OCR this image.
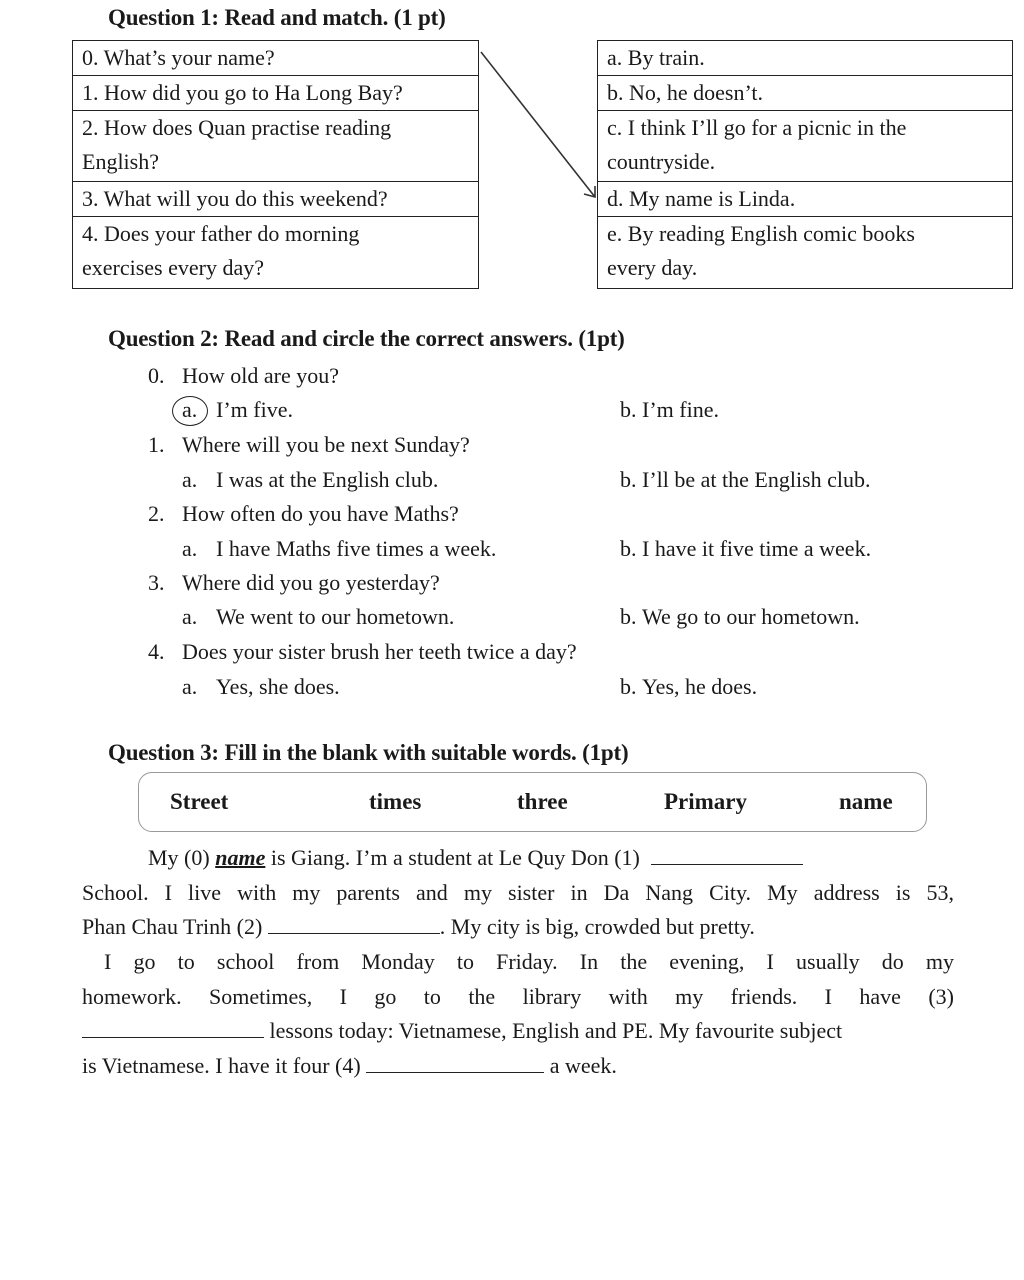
Question 1: Read and match. (1 pt)
0. What’s your name?
1. How did you go to Ha Long Bay?
2. How does Quan practise reading
English?
3. What will you do this weekend?
4. Does your father do morning
exercises every day?
a. By train.
b. No, he doesn’t.
c. I think I’ll go for a picnic in the
countryside.
d. My name is Linda.
e. By reading English comic books
every day.
Question 2: Read and circle the correct answers. (1pt)
0. How old are you?
a. I’m five.	b. I’m fine.
1. Where will you be next Sunday?
a. I was at the English club.	b. I’ll be at the English club.
2. How often do you have Maths?
a. I have Maths five times a week.	b. I have it five time a week.
3. Where did you go yesterday?
a. We went to our hometown.	b. We go to our hometown.
4. Does your sister brush her teeth twice a day?
a. Yes, she does.	b. Yes, he does.
Question 3: Fill in the blank with suitable words. (1pt)
Street	times	three	Primary	name
My (0) name is Giang. I’m a student at Le Quy Don (1)
School. I live with my parents and my sister in Da Nang City. My address is 53,
Phan Chau Trinh (2)	. My city is big, crowded but pretty.
I go to school from Monday to Friday. In the evening, I usually do my
homework. Sometimes, I go to the library with my friends. I have (3)
lessons today: Vietnamese, English and PE. My favourite subject
is Vietnamese. I have it four (4)	a week.
